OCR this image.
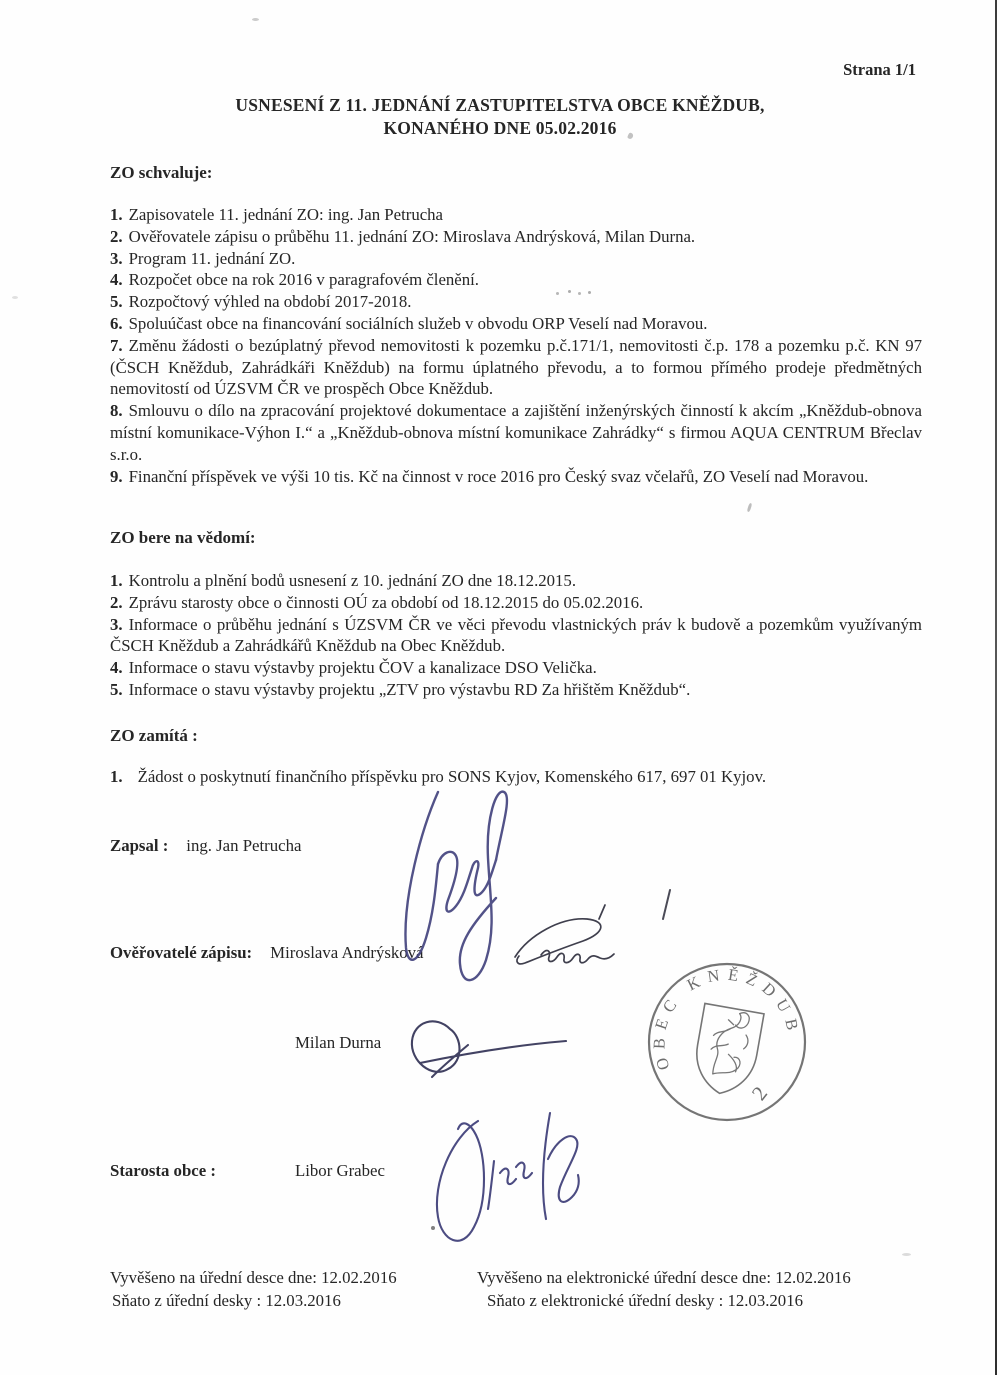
Strana 1/1
USNESENÍ Z 11. JEDNÁNÍ ZASTUPITELSTVA OBCE KNĚŽDUB,
KONANÉHO DNE 05.02.2016
ZO schvaluje:
1. Zapisovatele 11. jednání ZO: ing. Jan Petrucha
2. Ověřovatele zápisu o průběhu 11. jednání ZO: Miroslava Andrýsková, Milan Durna.
3. Program 11. jednání ZO.
4. Rozpočet obce na rok 2016 v paragrafovém členění.
5. Rozpočtový výhled na období 2017-2018.
6. Spoluúčast obce na financování sociálních služeb v obvodu ORP Veselí nad Moravou.
7. Změnu žádosti o bezúplatný převod nemovitosti k pozemku p.č.171/1, nemovitosti č.p. 178 a pozemku p.č. KN 97 (ČSCH Kněždub, Zahrádkáři Kněždub) na formu úplatného převodu, a to formou přímého prodeje předmětných nemovitostí od ÚZSVM ČR ve prospěch Obce Kněždub.
8. Smlouvu o dílo na zpracování projektové dokumentace a zajištění inženýrských činností k akcím „Kněždub-obnova místní komunikace-Výhon I.“ a „Kněždub-obnova místní komunikace Zahrádky“ s firmou AQUA CENTRUM Břeclav s.r.o.
9. Finanční příspěvek ve výši 10 tis. Kč na činnost v roce 2016 pro Český svaz včelařů, ZO Veselí nad Moravou.
ZO bere na vědomí:
1. Kontrolu a plnění bodů usnesení z 10. jednání ZO dne 18.12.2015.
2. Zprávu starosty obce o činnosti OÚ za období od 18.12.2015 do 05.02.2016.
3. Informace o průběhu jednání s ÚZSVM ČR ve věci převodu vlastnických práv k budově a pozemkům využívaným ČSCH Kněždub a Zahrádkářů Kněždub na Obec Kněždub.
4. Informace o stavu výstavby projektu ČOV a kanalizace DSO Velička.
5. Informace o stavu výstavby projektu „ZTV pro výstavbu RD Za hřištěm Kněždub“.
ZO zamítá :
1. Žádost o poskytnutí finančního příspěvku pro SONS Kyjov, Komenského 617, 697 01 Kyjov.
Zapsal : ing. Jan Petrucha
Ověřovatelé zápisu: Miroslava Andrýsková
Milan Durna
Starosta obce :	Libor Grabec
OBEC KNĚŽDUB
2
Vyvěšeno na úřední desce dne: 12.02.2016
Sňato z úřední desky : 12.03.2016
Vyvěšeno na elektronické úřední desce dne: 12.02.2016
Sňato z elektronické úřední desky : 12.03.2016
